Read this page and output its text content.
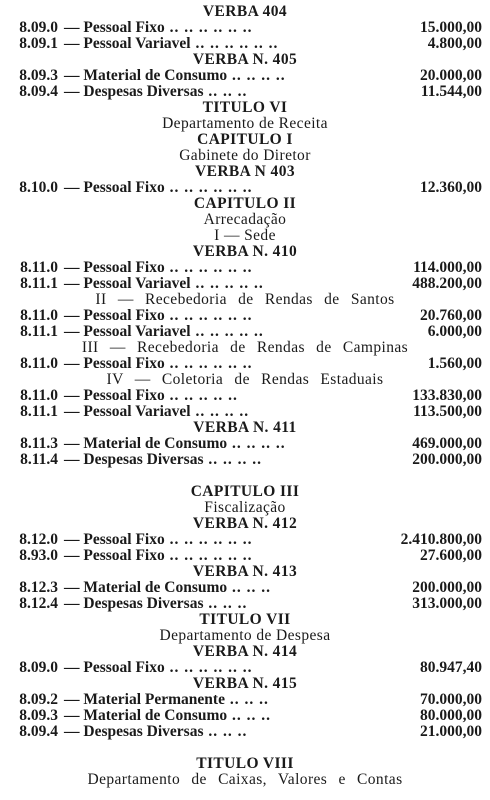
VERBA 404
8.09.0 — Pessoal Fixo .. .. .. .. .. ..	15.000,00
8.09.1 — Pessoal Variavel .. .. .. .. .. ..	4.800,00
VERBA N. 405
8.09.3 — Material de Consumo .. .. .. ..	20.000,00
8.09.4 — Despesas Diversas .. .. ..	11.544,00
TITULO VI
Departamento de Receita
CAPITULO I
Gabinete do Diretor
VERBA N 403
8.10.0 — Pessoal Fixo .. .. .. .. .. ..	12.360,00
CAPITULO II
Arrecadação
I — Sede
VERBA N. 410
8.11.0 — Pessoal Fixo .. .. .. .. .. ..	114.000,00
8.11.1 — Pessoal Variavel .. .. .. .. ..	488.200,00
II — Recebedoria de Rendas de Santos
8.11.0 — Pessoal Fixo .. .. .. .. .. ..	20.760,00
8.11.1 — Pessoal Variavel .. .. .. .. ..	6.000,00
III — Recebedoria de Rendas de Campinas
8.11.0 — Pessoal Fixo .. .. .. .. .. ..	1.560,00
IV — Coletoria de Rendas Estaduais
8.11.0 — Pessoal Fixo .. .. .. .. ..	133.830,00
8.11.1 — Pessoal Variavel .. .. .. ..	113.500,00
VERBA N. 411
8.11.3 — Material de Consumo .. .. .. ..	469.000,00
8.11.4 — Despesas Diversas .. .. .. ..	200.000,00
CAPITULO III
Fiscalização
VERBA N. 412
8.12.0 — Pessoal Fixo .. .. .. .. .. ..	2.410.800,00
8.93.0 — Pessoal Fixo .. .. .. .. .. ..	27.600,00
VERBA N. 413
8.12.3 — Material de Consumo .. .. ..	200.000,00
8.12.4 — Despesas Diversas .. .. ..	313.000,00
TITULO VII
Departamento de Despesa
VERBA N. 414
8.09.0 — Pessoal Fixo .. .. .. .. .. ..	80.947,40
VERBA N. 415
8.09.2 — Material Permanente .. .. ..	70.000,00
8.09.3 — Material de Consumo .. .. ..	80.000,00
8.09.4 — Despesas Diversas .. .. ..	21.000,00
TITULO VIII
Departamento de Caixas, Valores e Contas
